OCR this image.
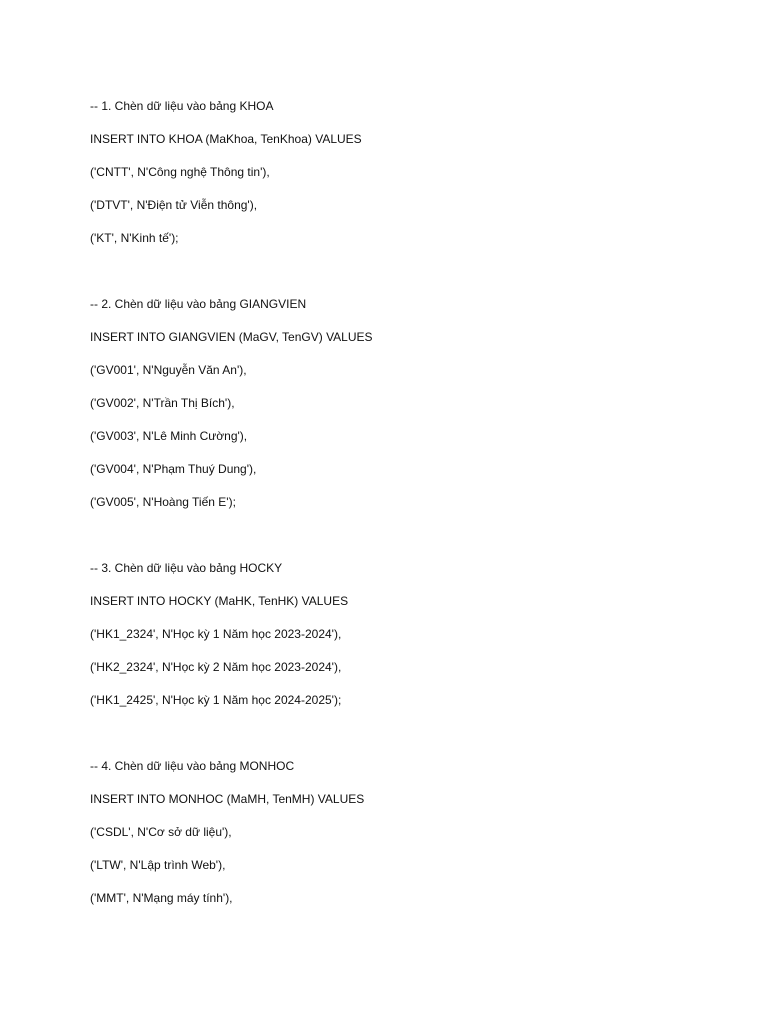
-- 1. Chèn dữ liệu vào bảng KHOA
INSERT INTO KHOA (MaKhoa, TenKhoa) VALUES
('CNTT', N'Công nghệ Thông tin'),
('DTVT', N'Điện tử Viễn thông'),
('KT', N'Kinh tế');
-- 2. Chèn dữ liệu vào bảng GIANGVIEN
INSERT INTO GIANGVIEN (MaGV, TenGV) VALUES
('GV001', N'Nguyễn Văn An'),
('GV002', N'Trần Thị Bích'),
('GV003', N'Lê Minh Cường'),
('GV004', N'Phạm Thuý Dung'),
('GV005', N'Hoàng Tiến E');
-- 3. Chèn dữ liệu vào bảng HOCKY
INSERT INTO HOCKY (MaHK, TenHK) VALUES
('HK1_2324', N'Học kỳ 1 Năm học 2023-2024'),
('HK2_2324', N'Học kỳ 2 Năm học 2023-2024'),
('HK1_2425', N'Học kỳ 1 Năm học 2024-2025');
-- 4. Chèn dữ liệu vào bảng MONHOC
INSERT INTO MONHOC (MaMH, TenMH) VALUES
('CSDL', N'Cơ sở dữ liệu'),
('LTW', N'Lập trình Web'),
('MMT', N'Mạng máy tính'),
